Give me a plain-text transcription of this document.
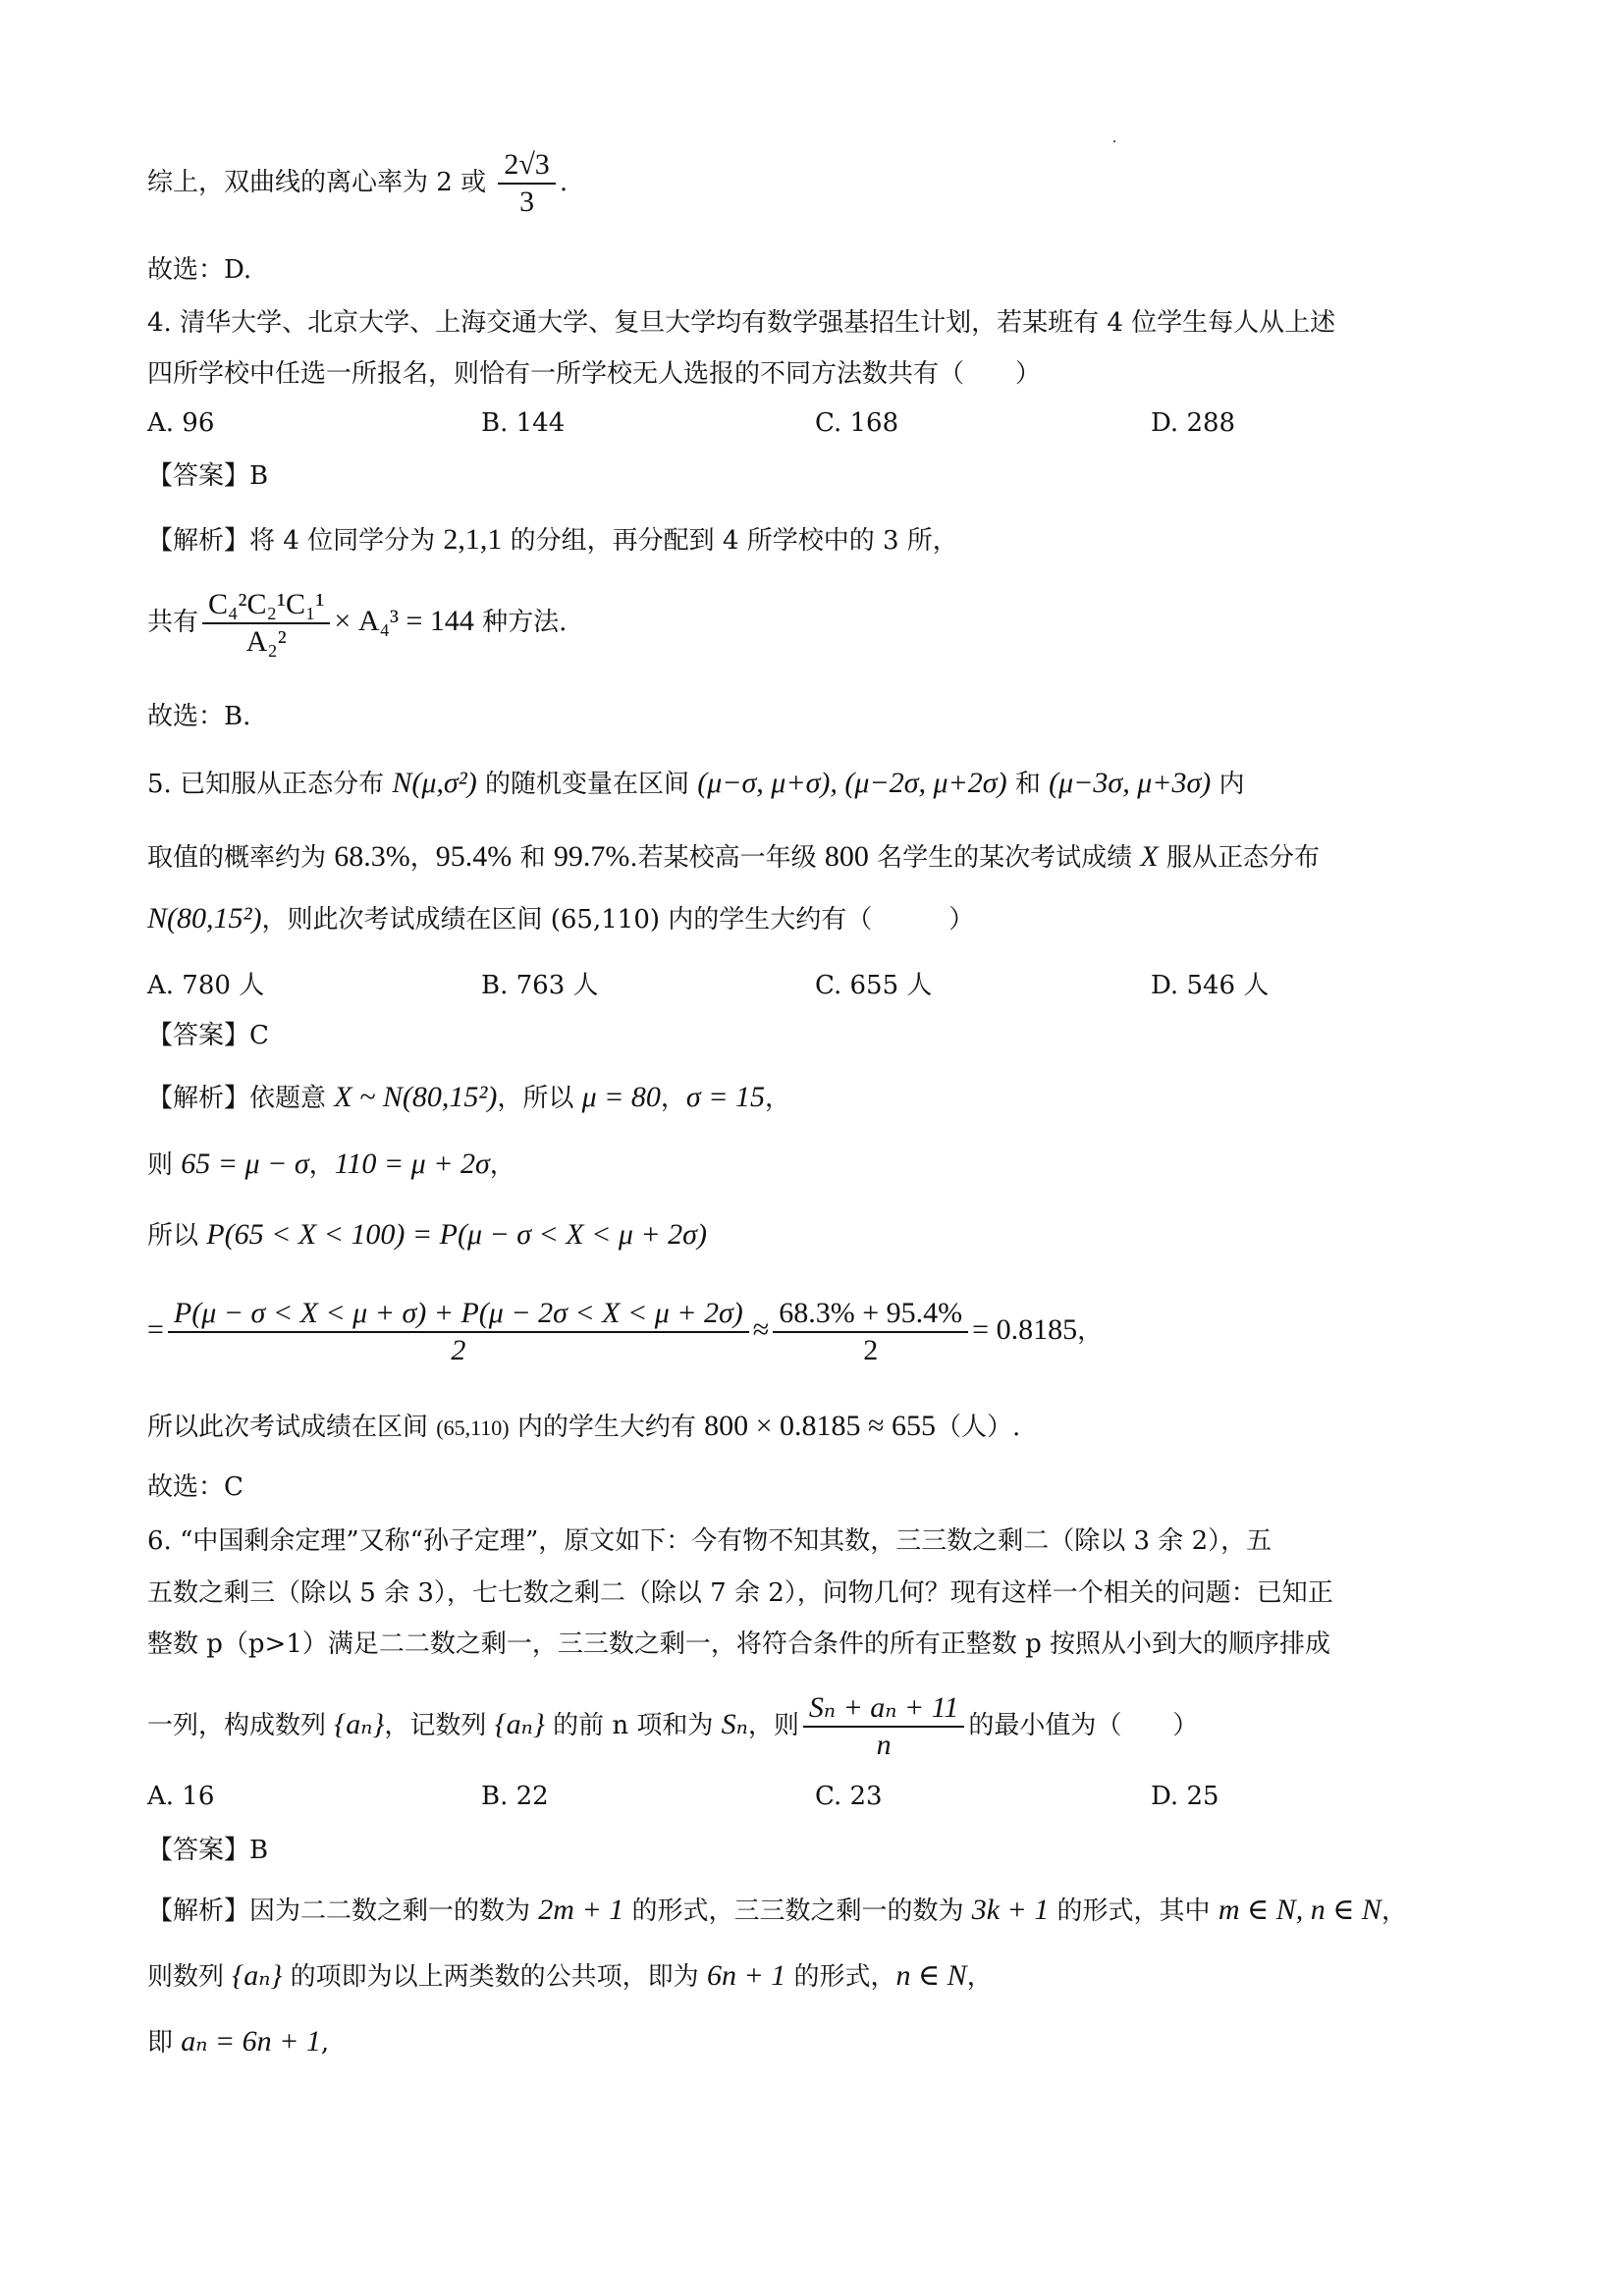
综上，双曲线的离心率为 2 或 $\frac{2√3}{3}$ .
故选：D.
4. 清华大学、北京大学、上海交通大学、复旦大学均有数学强基招生计划，若某班有 4 位学生每人从上述
四所学校中任选一所报名，则恰有一所学校无人选报的不同方法数共有（　　）
A. 96	B. 144	C. 168	D. 288
【答案】B
【解析】将 4 位同学分为 2,1,1 的分组，再分配到 4 所学校中的 3 所，
共有 $\frac{\text{C₄²C₂¹C₁¹}}{\text{A₂²}} \times A_4^3 = 144$ 种方法.
故选：B.
5. 已知服从正态分布 N(μ,σ²) 的随机变量在区间 (μ−σ, μ+σ), (μ−2σ, μ+2σ) 和 (μ−3σ, μ+3σ) 内
取值的概率约为 68.3%，95.4% 和 99.7%.若某校高一年级 800 名学生的某次考试成绩 X 服从正态分布
N(80,15²)，则此次考试成绩在区间 (65,110) 内的学生大约有（　　　）
A. 780 人	B. 763 人	C. 655 人	D. 546 人
【答案】C
【解析】依题意 X ~ N(80,15²)，所以 μ = 80，σ = 15，
则 65 = μ − σ，110 = μ + 2σ，
所以 P(65 < X < 100) = P(μ − σ < X < μ + 2σ)
= $\frac{P(\mu - \sigma < X < \mu + \sigma) + P(\mu - 2\sigma < X < \mu + 2\sigma)}{2} \approx \frac{68.3\% + 95.4\%}{2} = 0.8185$，
所以此次考试成绩在区间 (65,110) 内的学生大约有 800 × 0.8185 ≈ 655（人）.
故选：C
6. “中国剩余定理”又称“孙子定理”，原文如下：今有物不知其数，三三数之剩二（除以 3 余 2），五
五数之剩三（除以 5 余 3），七七数之剩二（除以 7 余 2），问物几何？现有这样一个相关的问题：已知正
整数 p（p>1）满足二二数之剩一，三三数之剩一，将符合条件的所有正整数 p 按照从小到大的顺序排成
一列，构成数列 {aₙ}，记数列 {aₙ} 的前 n 项和为 Sₙ，则 $\frac{\text{Sₙ + aₙ + 11}}{n}$ 的最小值为（　　）
A. 16	B. 22	C. 23	D. 25
【答案】B
【解析】因为二二数之剩一的数为 2m + 1 的形式，三三数之剩一的数为 3k + 1 的形式，其中 m ∈ N, n ∈ N，
则数列 {aₙ} 的项即为以上两类数的公共项，即为 6n + 1 的形式，n ∈ N，
即 aₙ = 6n + 1,
